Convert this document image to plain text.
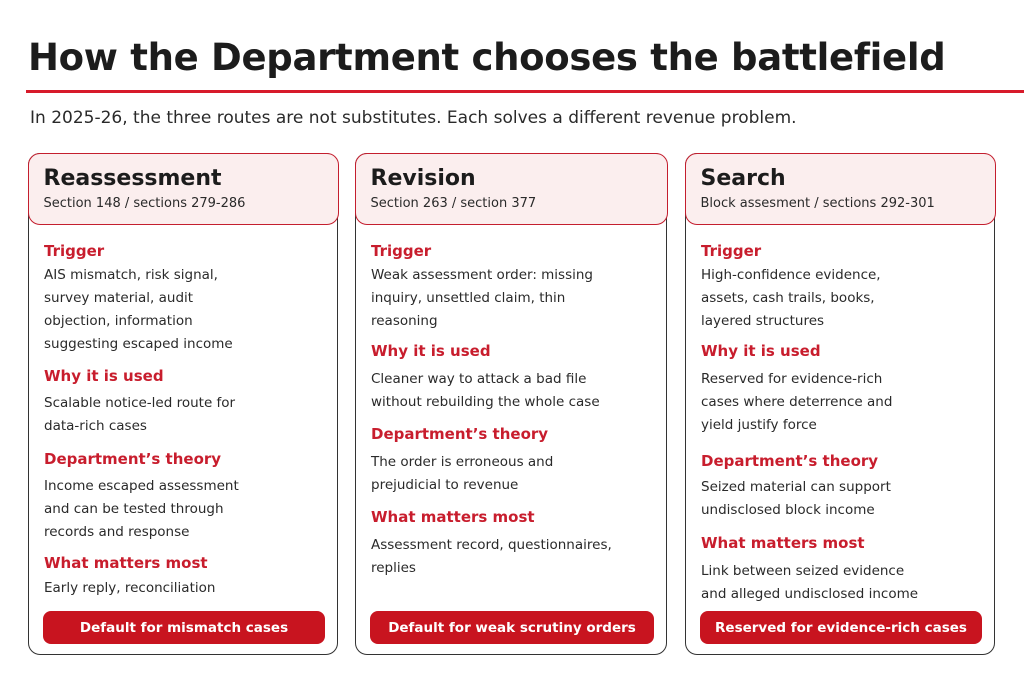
How the Department chooses the battlefield
In 2025-26, the three routes are not substitutes. Each solves a different revenue problem.
Reassessment
Section 148 / sections 279-286
Trigger
AIS mismatch, risk signal, survey material, audit objection, information suggesting escaped income
Why it is used
Scalable notice-led route for data-rich cases
Department’s theory
Income escaped assessment and can be tested through records and response
What matters most
Early reply, reconciliation
Default for mismatch cases
Revision
Section 263 / section 377
Trigger
Weak assessment order: missing inquiry, unsettled claim, thin reasoning
Why it is used
Cleaner way to attack a bad file without rebuilding the whole case
Department’s theory
The order is erroneous and prejudicial to revenue
What matters most
Assessment record, questionnaires, replies
Default for weak scrutiny orders
Search
Block assesment / sections 292-301
Trigger
High-confidence evidence, assets, cash trails, books, layered structures
Why it is used
Reserved for evidence-rich cases where deterrence and yield justify force
Department’s theory
Seized material can support undisclosed block income
What matters most
Link between seized evidence and alleged undisclosed income
Reserved for evidence-rich cases
